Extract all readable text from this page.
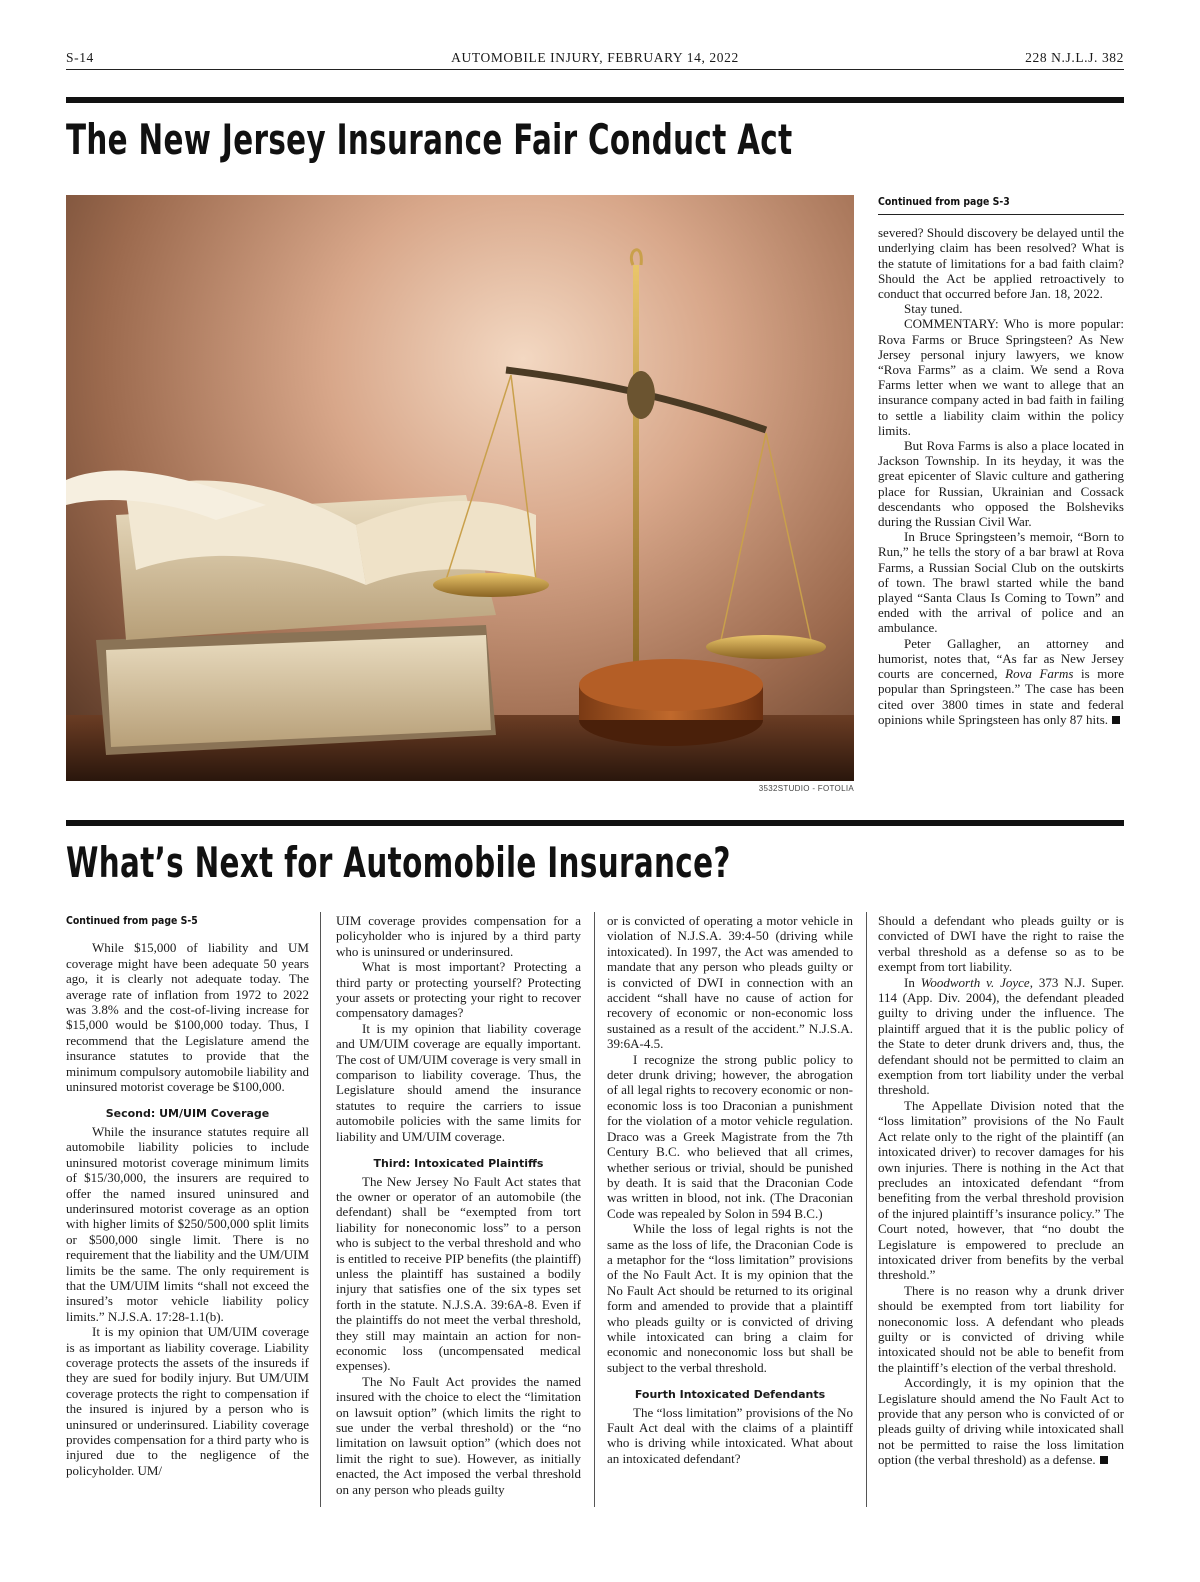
S-14	AUTOMOBILE INJURY, FEBRUARY 14, 2022	228 N.J.L.J. 382
The New Jersey Insurance Fair Conduct Act
3532STUDIO - FOTOLIA
Continued from page S-3

severed? Should discovery be delayed until the underlying claim has been resolved? What is the statute of limitations for a bad faith claim? Should the Act be applied retroactively to conduct that occurred before Jan. 18, 2022.

Stay tuned.

COMMENTARY: Who is more popular: Rova Farms or Bruce Springsteen? As New Jersey personal injury lawyers, we know “Rova Farms” as a claim. We send a Rova Farms letter when we want to allege that an insurance company acted in bad faith in failing to settle a liability claim within the policy limits.

But Rova Farms is also a place located in Jackson Township. In its heyday, it was the great epicenter of Slavic culture and gathering place for Russian, Ukrainian and Cossack descendants who opposed the Bolsheviks during the Russian Civil War.

In Bruce Springsteen’s memoir, “Born to Run,” he tells the story of a bar brawl at Rova Farms, a Russian Social Club on the outskirts of town. The brawl started while the band played “Santa Claus Is Coming to Town” and ended with the arrival of police and an ambulance.

Peter Gallagher, an attorney and humorist, notes that, “As far as New Jersey courts are concerned, Rova Farms is more popular than Springsteen.” The case has been cited over 3800 times in state and federal opinions while Springsteen has only 87 hits.

What’s Next for Automobile Insurance?
Continued from page S-5

While $15,000 of liability and UM coverage might have been adequate 50 years ago, it is clearly not adequate today. The average rate of inflation from 1972 to 2022 was 3.8% and the cost-of-living increase for $15,000 would be $100,000 today. Thus, I recommend that the Legislature amend the insurance statutes to provide that the minimum compulsory automobile liability and uninsured motorist coverage be $100,000.

Second: UM/UIM Coverage

While the insurance statutes require all automobile liability policies to include uninsured motorist coverage minimum limits of $15/30,000, the insurers are required to offer the named insured uninsured and underinsured motorist coverage as an option with higher limits of $250/500,000 split limits or $500,000 single limit. There is no requirement that the liability and the UM/UIM limits be the same. The only requirement is that the UM/UIM limits “shall not exceed the insured’s motor vehicle liability policy limits.” N.J.S.A. 17:28-1.1(b).

It is my opinion that UM/UIM coverage is as important as liability coverage. Liability coverage protects the assets of the insureds if they are sued for bodily injury. But UM/UIM coverage protects the right to compensation if the insured is injured by a person who is uninsured or underinsured. Liability coverage provides compensation for a third party who is injured due to the negligence of the policyholder. UM/

UIM coverage provides compensation for a policyholder who is injured by a third party who is uninsured or underinsured.

What is most important? Protecting a third party or protecting yourself? Protecting your assets or protecting your right to recover compensatory damages?

It is my opinion that liability coverage and UM/UIM coverage are equally important. The cost of UM/UIM coverage is very small in comparison to liability coverage. Thus, the Legislature should amend the insurance statutes to require the carriers to issue automobile policies with the same limits for liability and UM/UIM coverage.

Third: Intoxicated Plaintiffs

The New Jersey No Fault Act states that the owner or operator of an automobile (the defendant) shall be “exempted from tort liability for noneconomic loss” to a person who is subject to the verbal threshold and who is entitled to receive PIP benefits (the plaintiff) unless the plaintiff has sustained a bodily injury that satisfies one of the six types set forth in the statute. N.J.S.A. 39:6A-8. Even if the plaintiffs do not meet the verbal threshold, they still may maintain an action for non-economic loss (uncompensated medical expenses).

The No Fault Act provides the named insured with the choice to elect the “limitation on lawsuit option” (which limits the right to sue under the verbal threshold) or the “no limitation on lawsuit option” (which does not limit the right to sue). However, as initially enacted, the Act imposed the verbal threshold on any person who pleads guilty

or is convicted of operating a motor vehicle in violation of N.J.S.A. 39:4-50 (driving while intoxicated). In 1997, the Act was amended to mandate that any person who pleads guilty or is convicted of DWI in connection with an accident “shall have no cause of action for recovery of economic or non-economic loss sustained as a result of the accident.” N.J.S.A. 39:6A-4.5.

I recognize the strong public policy to deter drunk driving; however, the abrogation of all legal rights to recovery economic or non-economic loss is too Draconian a punishment for the violation of a motor vehicle regulation. Draco was a Greek Magistrate from the 7th Century B.C. who believed that all crimes, whether serious or trivial, should be punished by death. It is said that the Draconian Code was written in blood, not ink. (The Draconian Code was repealed by Solon in 594 B.C.)

While the loss of legal rights is not the same as the loss of life, the Draconian Code is a metaphor for the “loss limitation” provisions of the No Fault Act. It is my opinion that the No Fault Act should be returned to its original form and amended to provide that a plaintiff who pleads guilty or is convicted of driving while intoxicated can bring a claim for economic and noneconomic loss but shall be subject to the verbal threshold.

Fourth Intoxicated Defendants

The “loss limitation” provisions of the No Fault Act deal with the claims of a plaintiff who is driving while intoxicated. What about an intoxicated defendant?

Should a defendant who pleads guilty or is convicted of DWI have the right to raise the verbal threshold as a defense so as to be exempt from tort liability.

In Woodworth v. Joyce, 373 N.J. Super. 114 (App. Div. 2004), the defendant pleaded guilty to driving under the influence. The plaintiff argued that it is the public policy of the State to deter drunk drivers and, thus, the defendant should not be permitted to claim an exemption from tort liability under the verbal threshold.

The Appellate Division noted that the “loss limitation” provisions of the No Fault Act relate only to the right of the plaintiff (an intoxicated driver) to recover damages for his own injuries. There is nothing in the Act that precludes an intoxicated defendant “from benefiting from the verbal threshold provision of the injured plaintiff’s insurance policy.” The Court noted, however, that “no doubt the Legislature is empowered to preclude an intoxicated driver from benefits by the verbal threshold.”

There is no reason why a drunk driver should be exempted from tort liability for noneconomic loss. A defendant who pleads guilty or is convicted of driving while intoxicated should not be able to benefit from the plaintiff’s election of the verbal threshold.

Accordingly, it is my opinion that the Legislature should amend the No Fault Act to provide that any person who is convicted of or pleads guilty of driving while intoxicated shall not be permitted to raise the loss limitation option (the verbal threshold) as a defense.
